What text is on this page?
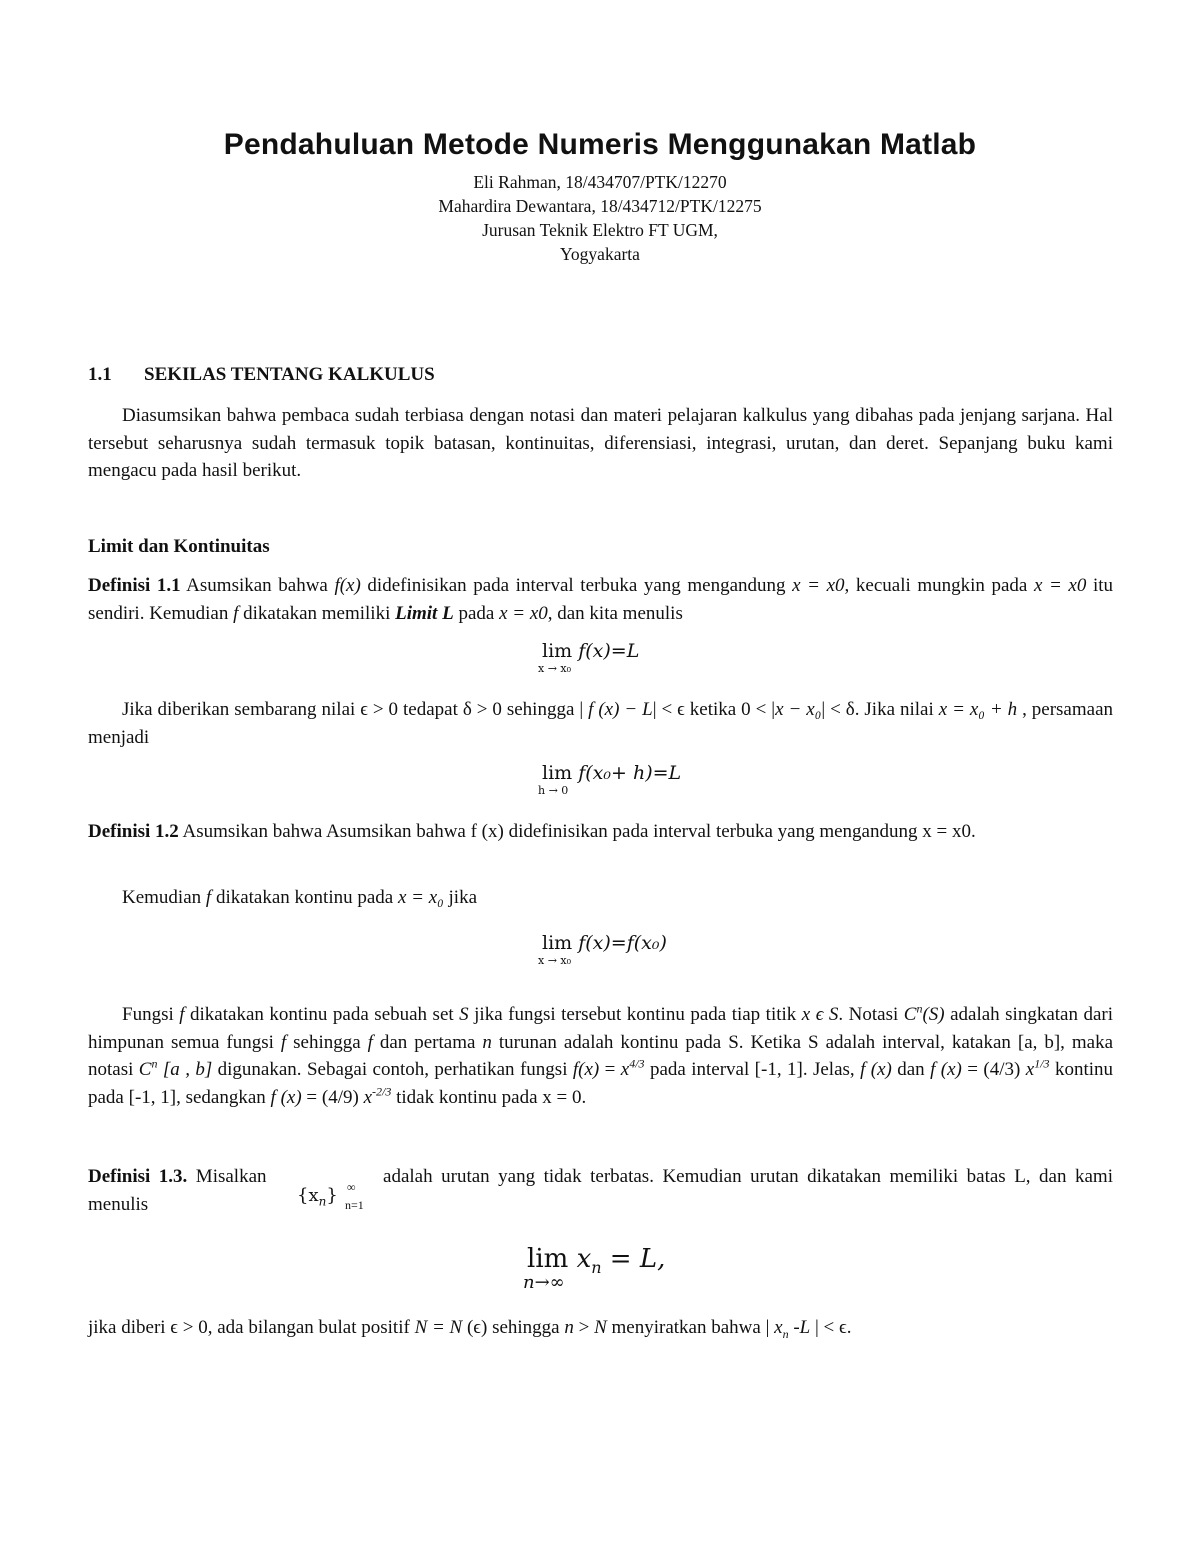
Pendahuluan Metode Numeris Menggunakan Matlab
Eli Rahman, 18/434707/PTK/12270
Mahardira Dewantara, 18/434712/PTK/12275
Jurusan Teknik Elektro FT UGM,
Yogyakarta
1.1 SEKILAS TENTANG KALKULUS
Diasumsikan bahwa pembaca sudah terbiasa dengan notasi dan materi pelajaran kalkulus yang dibahas pada jenjang sarjana. Hal tersebut seharusnya sudah termasuk topik batasan, kontinuitas, diferensiasi, integrasi, urutan, dan deret. Sepanjang buku kami mengacu pada hasil berikut.
Limit dan Kontinuitas
Definisi 1.1 Asumsikan bahwa f(x) didefinisikan pada interval terbuka yang mengandung x = x0, kecuali mungkin pada x = x0 itu sendiri. Kemudian f dikatakan memiliki Limit L pada x = x0, dan kita menulis
lim
x → x₀
f(x)=L
Jika diberikan sembarang nilai ϵ > 0 tedapat δ > 0 sehingga | f (x) − L| < ϵ ketika 0 < |x − x₀| < δ. Jika nilai x = x₀ + h , persamaan menjadi
lim
h → 0
f(x₀+ h)=L
Definisi 1.2 Asumsikan bahwa Asumsikan bahwa f (x) didefinisikan pada interval terbuka yang mengandung x = x0.
Kemudian f dikatakan kontinu pada x = x₀ jika
lim
x → x₀
f(x)=f(x₀)
Fungsi f dikatakan kontinu pada sebuah set S jika fungsi tersebut kontinu pada tiap titik x ϵ S. Notasi $C^n(S)$ adalah singkatan dari himpunan semua fungsi f sehingga f dan pertama n turunan adalah kontinu pada S. Ketika S adalah interval, katakan [a, b], maka notasi $C^n$ [a , b] digunakan. Sebagai contoh, perhatikan fungsi $f(x) = x^{4/3}$ pada interval [-1, 1]. Jelas, f (x) dan f (x) = (4/3) $x^{1/3}$ kontinu pada [-1, 1], sedangkan f (x) = (4/9) $x^{-2/3}$ tidak kontinu pada x = 0.
Definisi 1.3. Misalkan
$\{x_n\}$ ∞
n=1
adalah urutan yang tidak terbatas. Kemudian urutan dikatakan memiliki batas L, dan kami menulis
lim
n→∞
$x_n = L$,
jika diberi ϵ > 0, ada bilangan bulat positif N = N (ϵ) sehingga n > N menyiratkan bahwa | $x_n$ -L | < ϵ.
